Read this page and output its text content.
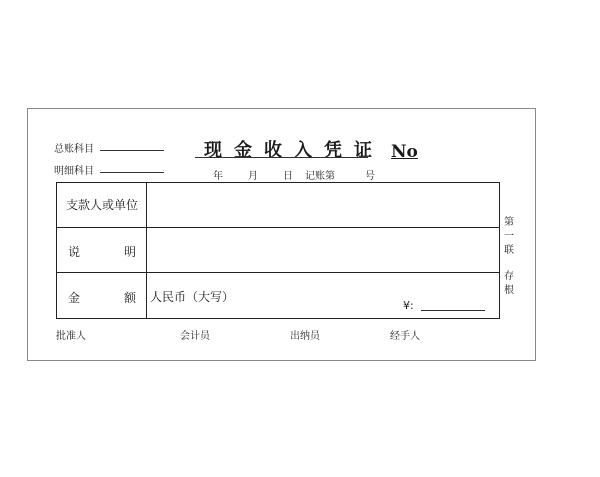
总账科目
明细科目
现金收入凭证 No
年	月	日 记账第	号
支款人或单位
说	明
金	额 人民币（大写）
¥:
第一联
存根
批准人	会计员	出纳员	经手人
